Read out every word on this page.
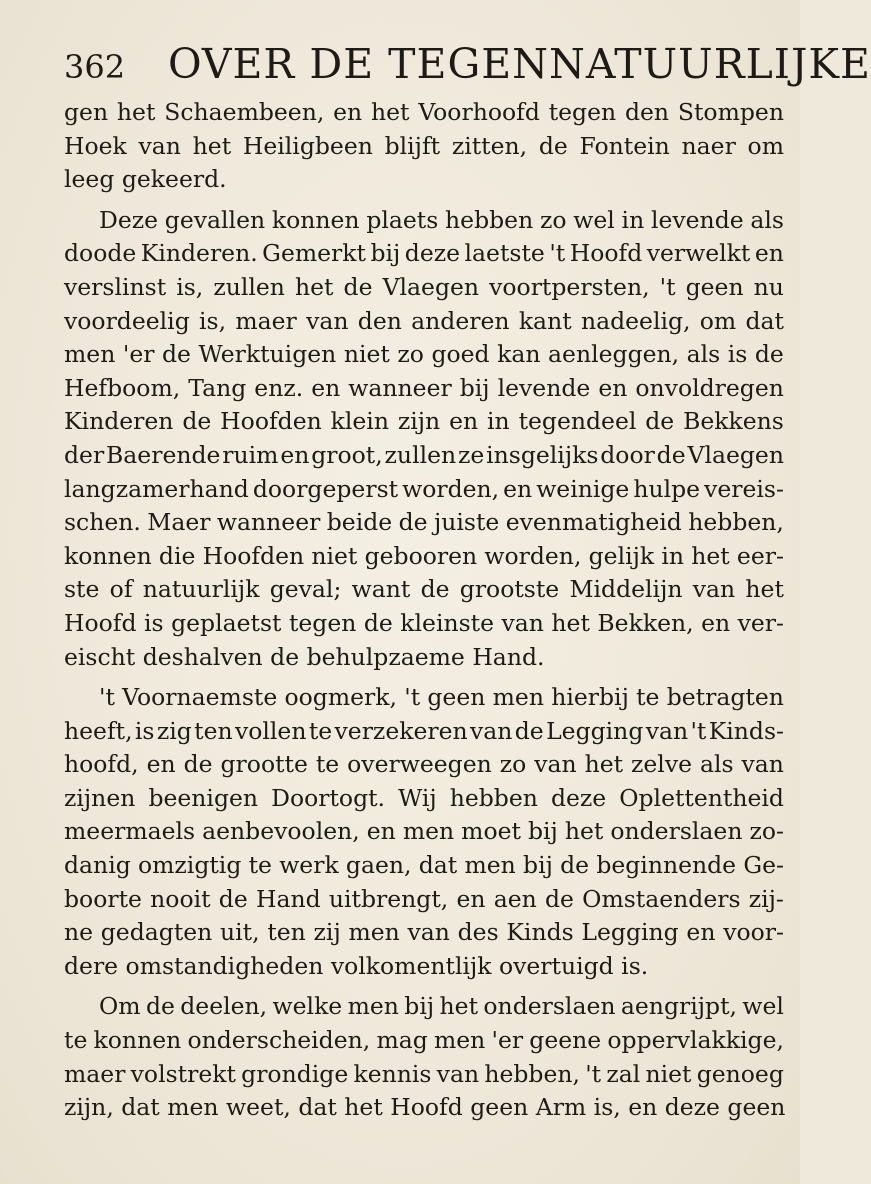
362 OVER DE TEGENNATUURLIJKE
gen het Schaembeen, en het Voorhoofd tegen den Stompen
Hoek van het Heiligbeen blijft zitten, de Fontein naer om
leeg gekeerd.
Deze gevallen konnen plaets hebben zo wel in levende als
doode Kinderen. Gemerkt bij deze laetste 't Hoofd verwelkt en
verslinst is, zullen het de Vlaegen voortpersten, 't geen nu
voordeelig is, maer van den anderen kant nadeelig, om dat
men 'er de Werktuigen niet zo goed kan aenleggen, als is de
Hefboom, Tang enz. en wanneer bij levende en onvoldregen
Kinderen de Hoofden klein zijn en in tegendeel de Bekkens
der Baerende ruim en groot, zullen ze insgelijks door de Vlaegen
langzamerhand doorgeperst worden, en weinige hulpe vereis-
schen. Maer wanneer beide de juiste evenmatigheid hebben,
konnen die Hoofden niet gebooren worden, gelijk in het eer-
ste of natuurlijk geval; want de grootste Middelijn van het
Hoofd is geplaetst tegen de kleinste van het Bekken, en ver-
eischt deshalven de behulpzaeme Hand.
't Voornaemste oogmerk, 't geen men hierbij te betragten
heeft, is zig ten vollen te verzekeren van de Legging van 't Kinds-
hoofd, en de grootte te overweegen zo van het zelve als van
zijnen beenigen Doortogt. Wij hebben deze Oplettentheid
meermaels aenbevoolen, en men moet bij het onderslaen zo-
danig omzigtig te werk gaen, dat men bij de beginnende Ge-
boorte nooit de Hand uitbrengt, en aen de Omstaenders zij-
ne gedagten uit, ten zij men van des Kinds Legging en voor-
dere omstandigheden volkomentlijk overtuigd is.
Om de deelen, welke men bij het onderslaen aengrijpt, wel
te konnen onderscheiden, mag men 'er geene oppervlakkige,
maer volstrekt grondige kennis van hebben, 't zal niet genoeg
zijn, dat men weet, dat het Hoofd geen Arm is, en deze geen
